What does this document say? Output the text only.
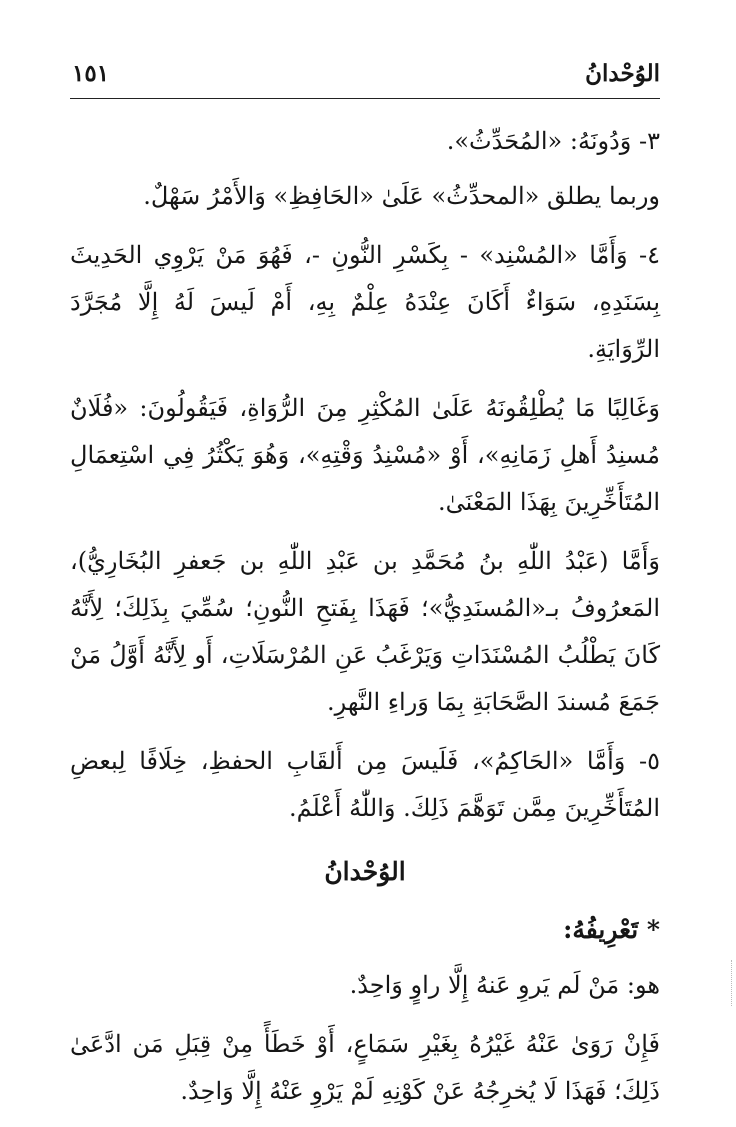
الوُحْدانُ
١٥١

٣- وَدُونَهُ: «المُحَدِّثُ».

وربما يطلق «المحدِّثُ» عَلَىٰ «الحَافِظِ» وَالأَمْرُ سَهْلٌ.

٤- وَأَمَّا «المُسْنِد» - بِكَسْرِ النُّونِ -، فَهُوَ مَنْ يَرْوِي الحَدِيثَ بِسَنَدِهِ، سَوَاءٌ أَكَانَ عِنْدَهُ عِلْمٌ بِهِ، أَمْ لَيسَ لَهُ إِلَّا مُجَرَّدَ الرِّوَايَةِ.

وَغَالِبًا مَا يُطْلِقُونَهُ عَلَىٰ المُكْثِرِ مِنَ الرُّوَاةِ، فَيَقُولُونَ: «فُلَانٌ مُسنِدُ أَهلِ زَمَانِهِ»، أَوْ «مُسْنِدُ وَقْتِهِ»، وَهُوَ يَكْثُرُ فِي اسْتِعمَالِ المُتَأَخِّرِينَ بِهَذَا المَعْنَىٰ.

وَأَمَّا (عَبْدُ اللّٰهِ بنُ مُحَمَّدِ بن عَبْدِ اللّٰهِ بن جَعفرِ البُخَارِيُّ)، المَعرُوفُ بـ«المُسنَدِيُّ»؛ فَهَذَا بِفَتحِ النُّونِ؛ سُمِّيَ بِذَلِكَ؛ لِأَنَّهُ كَانَ يَطْلُبُ المُسْنَدَاتِ وَيَرْغَبُ عَنِ المُرْسَلَاتِ، أَو لِأَنَّهُ أَوَّلُ مَنْ جَمَعَ مُسندَ الصَّحَابَةِ بِمَا وَراءِ النَّهرِ.

٥- وَأَمَّا «الحَاكِمُ»، فَلَيسَ مِن أَلقَابِ الحفظِ، خِلَافًا لِبعضِ المُتَأَخِّرِينَ مِمَّن تَوَهَّمَ ذَلِكَ. وَاللّٰهُ أَعْلَمُ.

الوُحْدانُ
* تَعْرِيفُهُ:

هو: مَنْ لَم يَروِ عَنهُ إِلَّا راوٍ وَاحِدٌ.

فَإِنْ رَوَىٰ عَنْهُ غَيْرُهُ بِغَيْرِ سَمَاعٍ، أَوْ خَطَأً مِنْ قِبَلِ مَن ادَّعَىٰ ذَلِكَ؛ فَهَذَا لَا يُخرِجُهُ عَنْ كَوْنِهِ لَمْ يَرْوِ عَنْهُ إِلَّا وَاحِدٌ.
